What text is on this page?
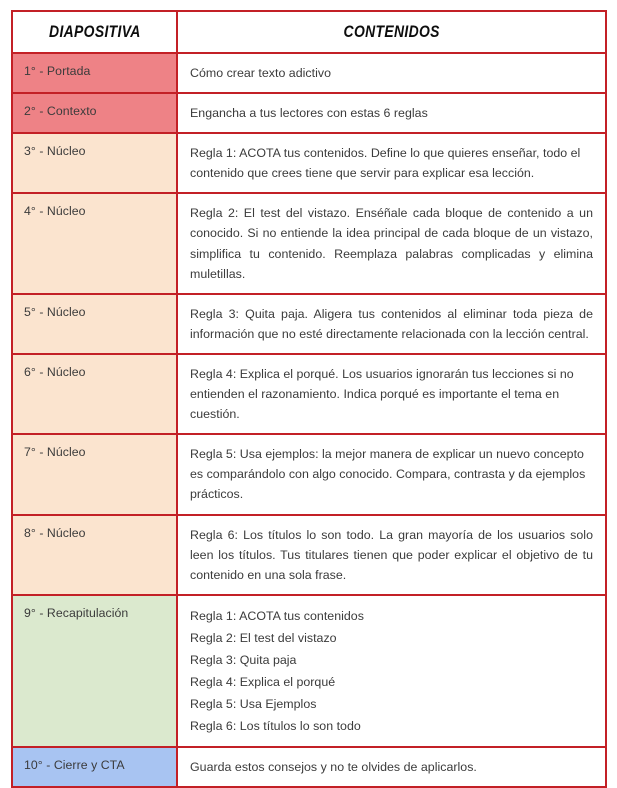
DIAPOSITIVA	CONTENIDOS
1° - Portada	Cómo crear texto adictivo

2° - Contexto	Engancha a tus lectores con estas 6 reglas

3° - Núcleo	Regla 1: ACOTA tus contenidos. Define lo que quieres enseñar, todo el contenido que crees tiene que servir para explicar esa lección.

4° - Núcleo	Regla 2: El test del vistazo. Enséñale cada bloque de contenido a un conocido. Si no entiende la idea principal de cada bloque de un vistazo, simplifica tu contenido. Reemplaza palabras complicadas y elimina muletillas.

5° - Núcleo	Regla 3: Quita paja. Aligera tus contenidos al eliminar toda pieza de información que no esté directamente relacionada con la lección central.

6° - Núcleo	Regla 4: Explica el porqué. Los usuarios ignorarán tus lecciones si no entienden el razonamiento. Indica porqué es importante el tema en cuestión.

7° - Núcleo	Regla 5: Usa ejemplos: la mejor manera de explicar un nuevo concepto es comparándolo con algo conocido. Compara, contrasta y da ejemplos prácticos.

8° - Núcleo	Regla 6: Los títulos lo son todo. La gran mayoría de los usuarios solo leen los títulos. Tus titulares tienen que poder explicar el objetivo de tu contenido en una sola frase.

9° - Recapitulación	Regla 1: ACOTA tus contenidos
Regla 2: El test del vistazo
Regla 3: Quita paja
Regla 4: Explica el porqué
Regla 5: Usa Ejemplos
Regla 6: Los títulos lo son todo

10° - Cierre y CTA	Guarda estos consejos y no te olvides de aplicarlos.
